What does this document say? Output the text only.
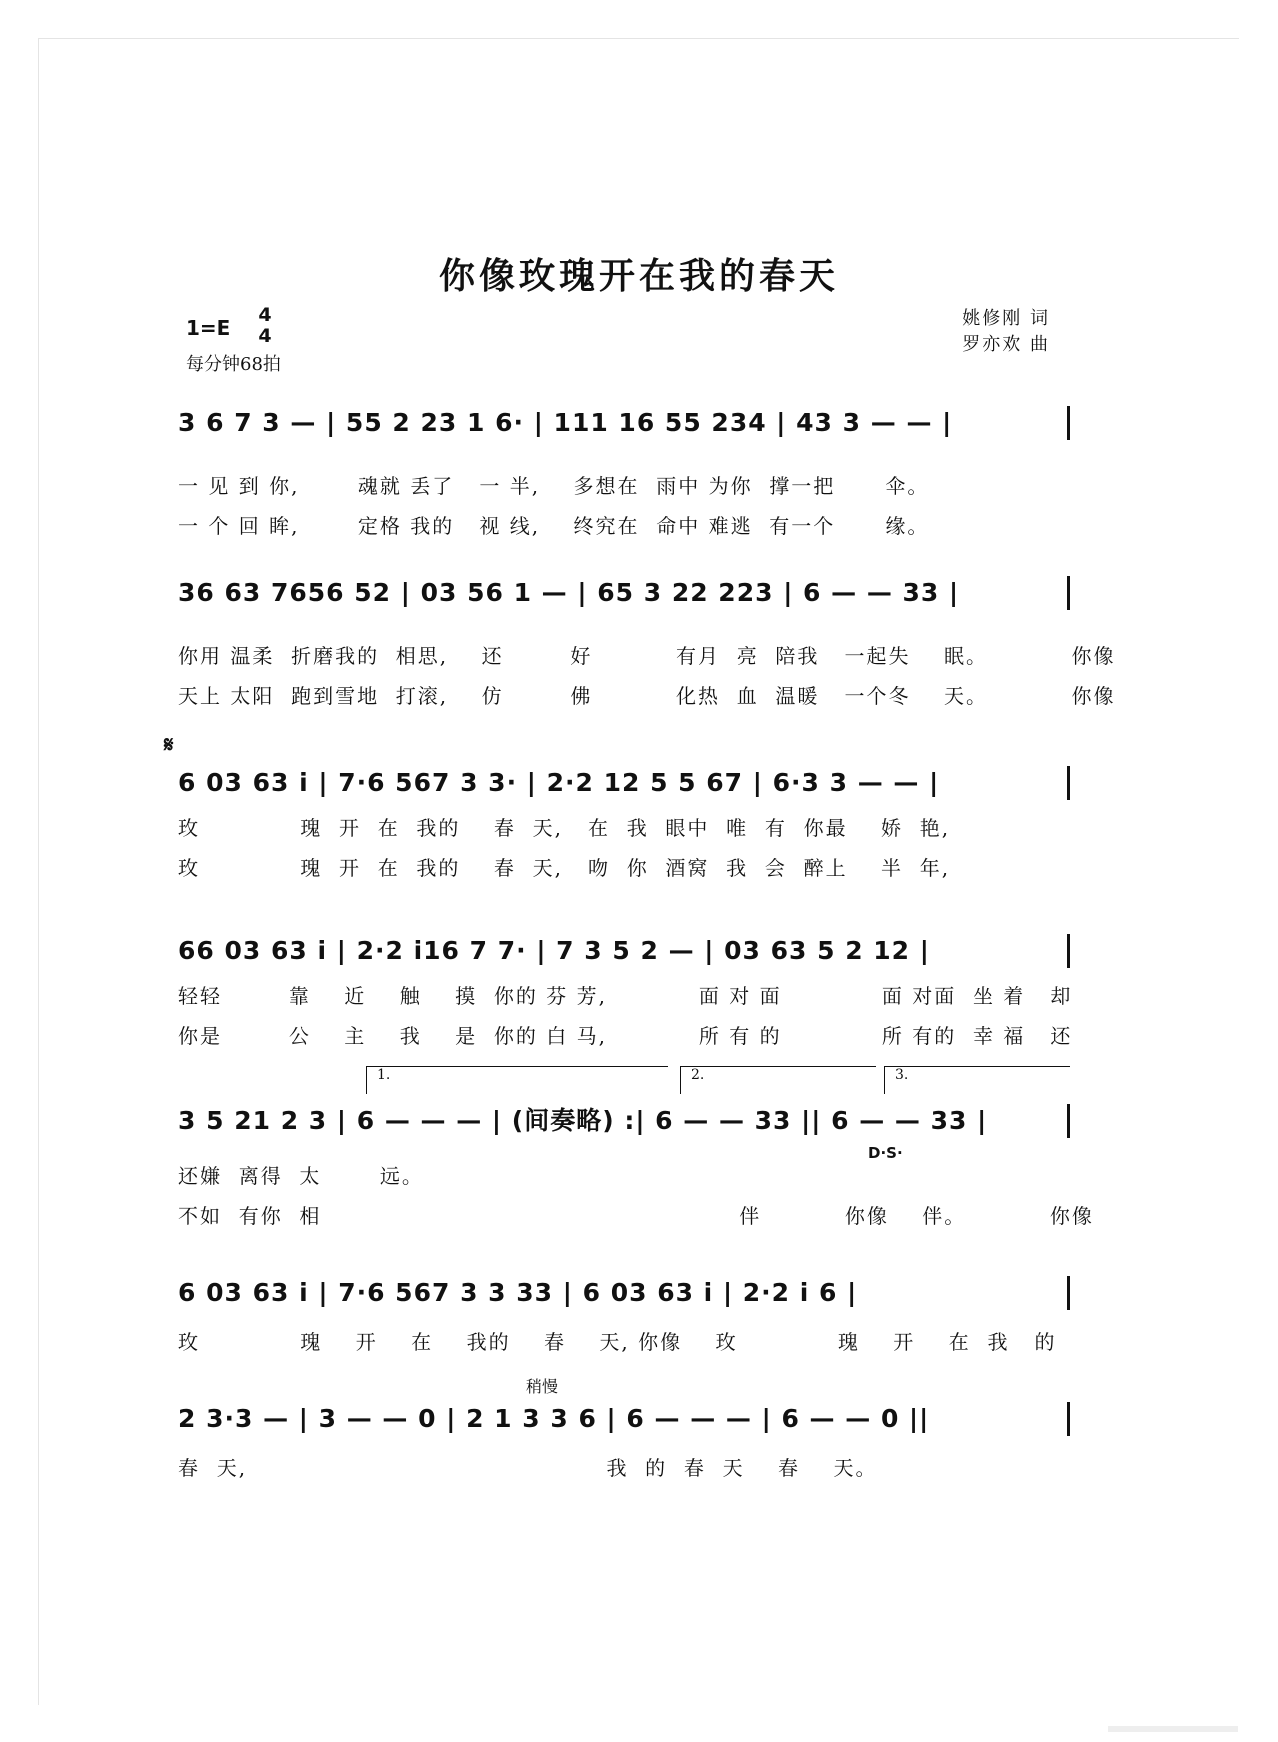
你像玫瑰开在我的春天
1=E
4
4
每分钟68拍
姚修刚 词
罗亦欢 曲

3 6 7 3 — | 55 2 23 1 6· | 111 16 55 234 | 43 3 — — |

一 见 到 你,       魂就 丢了   一 半,    多想在  雨中 为你  撑一把      伞。
一 个 回 眸,       定格 我的   视 线,    终究在  命中 难逃  有一个      缘。

36 63 7656 52 | 03 56 1 — | 65 3 22 223 | 6 — — 33 |

你用 温柔  折磨我的  相思,    还        好          有月  亮  陪我   一起失    眠。          你像
天上 太阳  跑到雪地  打滚,    仿        佛          化热  血  温暖   一个冬    天。          你像
𝄋

6 03 63 i | 7·6 567 3 3· | 2·2 12 5 5 67 | 6·3 3 — — |

玫            瑰  开  在  我的    春  天,   在  我  眼中  唯  有  你最    娇  艳,
玫            瑰  开  在  我的    春  天,   吻  你  酒窝  我  会  醉上    半  年,

66 03 63 i | 2·2 i16 7 7· | 7 3 5 2 — | 03 63 5 2 12 |

轻轻        靠    近    触    摸  你的 芬 芳,           面 对 面            面 对面  坐 着   却
你是        公    主    我    是  你的 白 马,           所 有 的            所 有的  幸 福   还
1.	2.	3.

3 5 21 2 3 | 6 — — — | (间奏略) :| 6 — — 33 || 6 — — 33 |

D·S·
还嫌  离得  太       远。
不如  有你  相                                                  伴          你像    伴。          你像

6 03 63 i | 7·6 567 3 3 33 | 6 03 63 i | 2·2 i 6 |

玫            瑰    开    在    我的    春    天, 你像    玫            瑰    开    在  我   的
稍慢

2 3·3 — | 3 — — 0 | 2 1 3 3 6 | 6 — — — | 6 — — 0 ||

春  天,                                           我  的  春  天    春    天。
